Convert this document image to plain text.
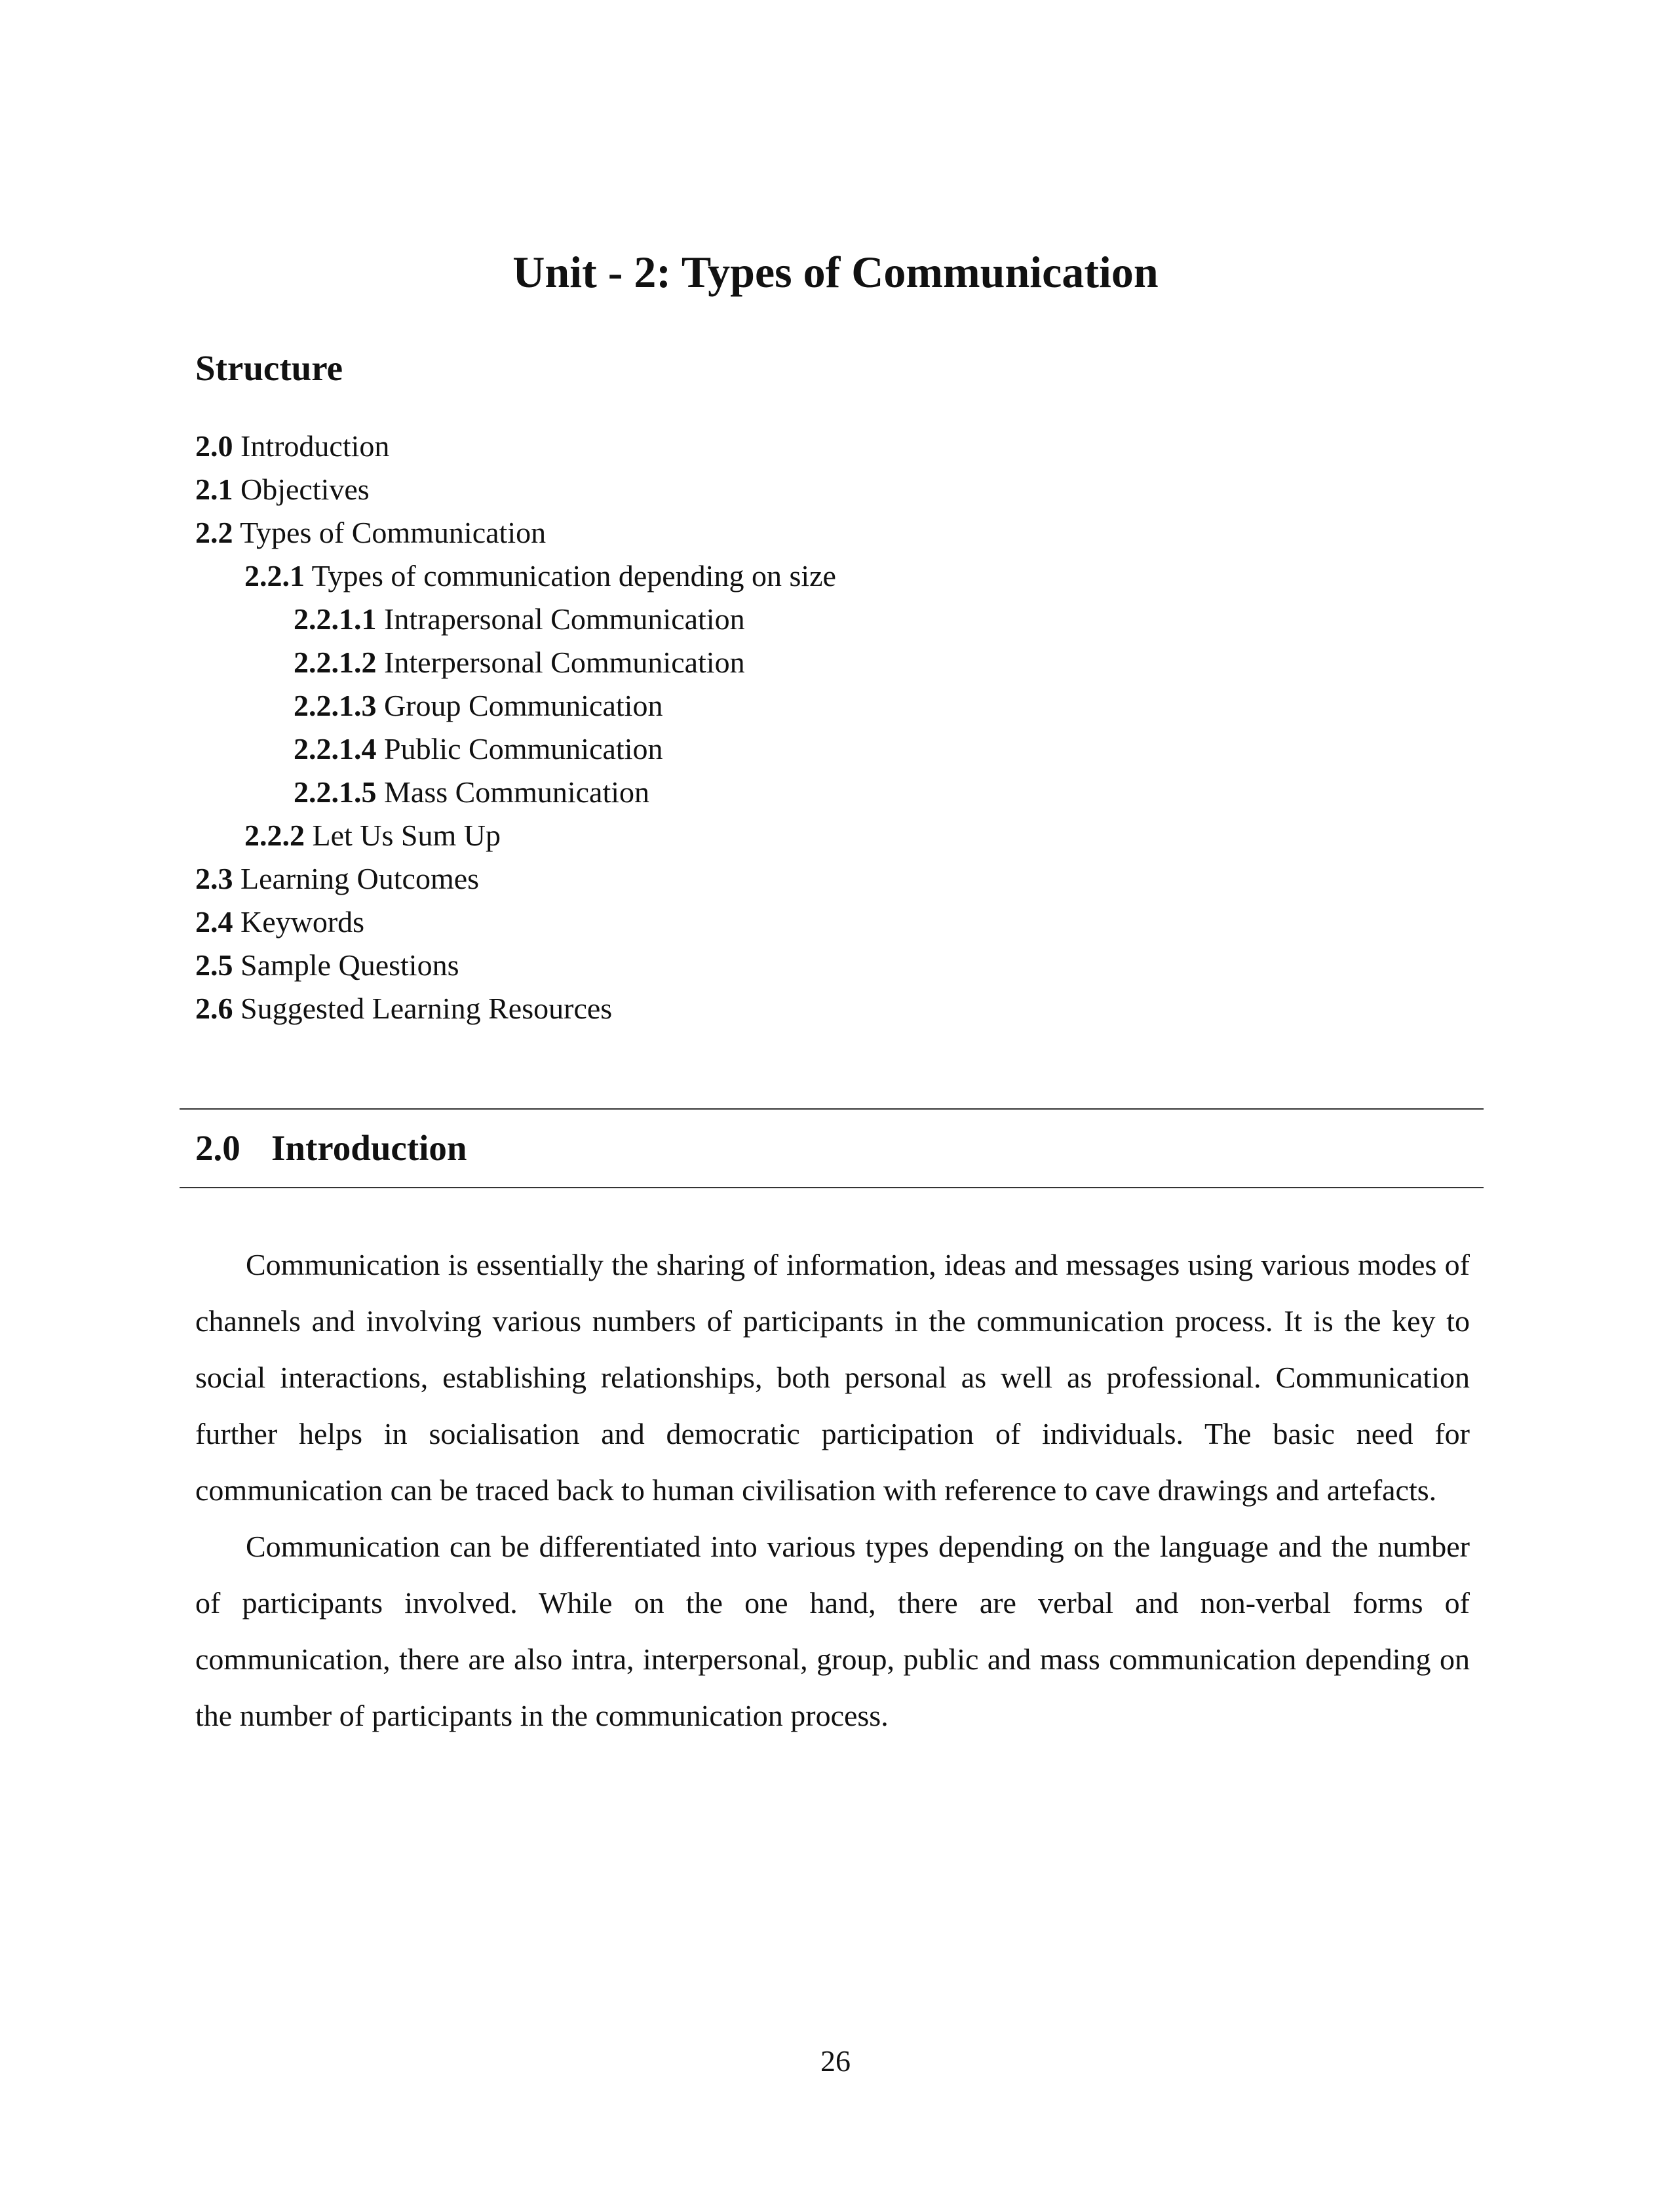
Unit - 2: Types of Communication
Structure
2.0 Introduction
2.1 Objectives
2.2 Types of Communication
2.2.1 Types of communication depending on size
2.2.1.1 Intrapersonal Communication
2.2.1.2 Interpersonal Communication
2.2.1.3 Group Communication
2.2.1.4 Public Communication
2.2.1.5 Mass Communication
2.2.2 Let Us Sum Up
2.3 Learning Outcomes
2.4 Keywords
2.5 Sample Questions
2.6 Suggested Learning Resources
2.0 Introduction

Communication is essentially the sharing of information, ideas and messages using various modes of channels and involving various numbers of participants in the communication process. It is the key to social interactions, establishing relationships, both personal as well as professional. Communication further helps in socialisation and democratic participation of individuals. The basic need for communication can be traced back to human civilisation with reference to cave drawings and artefacts.

Communication can be differentiated into various types depending on the language and the number of participants involved. While on the one hand, there are verbal and non-verbal forms of communication, there are also intra, interpersonal, group, public and mass communication depending on the number of participants in the communication process.

26
